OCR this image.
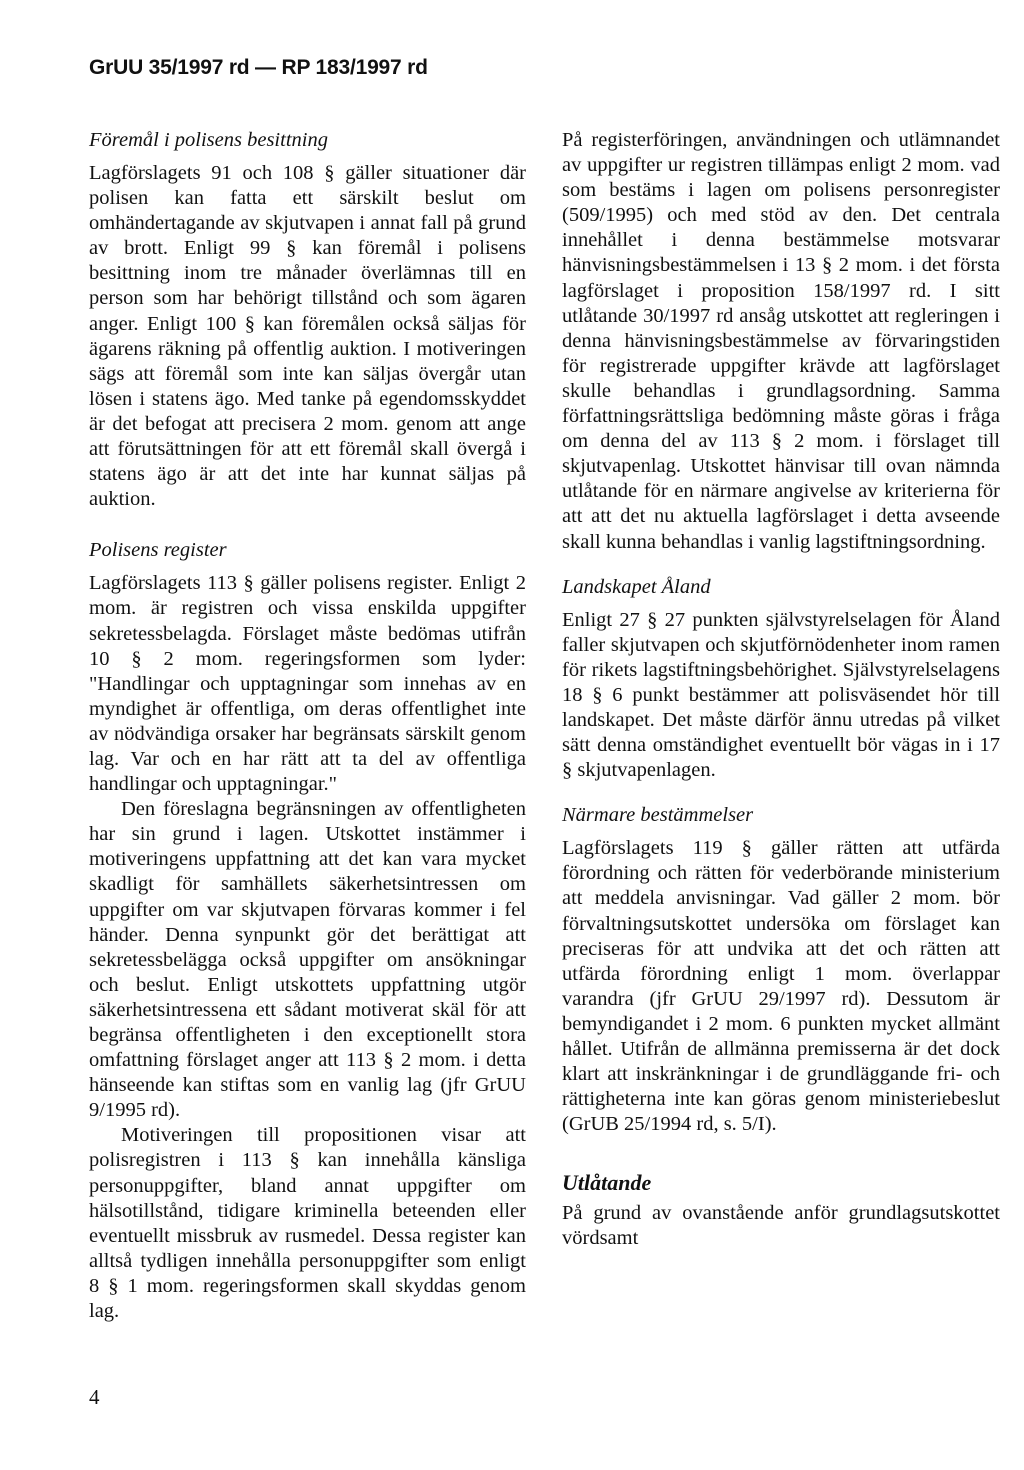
GrUU 35/1997 rd — RP 183/1997 rd
Föremål i polisens besittning

Lagförslagets 91 och 108 § gäller situationer där polisen kan fatta ett särskilt beslut om omhändertagande av skjutvapen i annat fall på grund av brott. Enligt 99 § kan föremål i polisens besittning inom tre månader överlämnas till en person som har behörigt tillstånd och som ägaren anger. Enligt 100 § kan föremålen också säljas för ägarens räkning på offentlig auktion. I motiveringen sägs att föremål som inte kan säljas övergår utan lösen i statens ägo. Med tanke på egendomsskyddet är det befogat att precisera 2 mom. genom att ange att förutsättningen för att ett föremål skall övergå i statens ägo är att det inte har kunnat säljas på auktion.

Polisens register

Lagförslagets 113 § gäller polisens register. Enligt 2 mom. är registren och vissa enskilda uppgifter sekretessbelagda. Förslaget måste bedömas utifrån 10 § 2 mom. regeringsformen som lyder: "Handlingar och upptagningar som innehas av en myndighet är offentliga, om deras offentlighet inte av nödvändiga orsaker har begränsats särskilt genom lag. Var och en har rätt att ta del av offentliga handlingar och upptagningar."

Den föreslagna begränsningen av offentligheten har sin grund i lagen. Utskottet instämmer i motiveringens uppfattning att det kan vara mycket skadligt för samhällets säkerhetsintressen om uppgifter om var skjutvapen förvaras kommer i fel händer. Denna synpunkt gör det berättigat att sekretessbelägga också uppgifter om ansökningar och beslut. Enligt utskottets uppfattning utgör säkerhetsintressena ett sådant motiverat skäl för att begränsa offentligheten i den exceptionellt stora omfattning förslaget anger att 113 § 2 mom. i detta hänseende kan stiftas som en vanlig lag (jfr GrUU 9/1995 rd).

Motiveringen till propositionen visar att polisregistren i 113 § kan innehålla känsliga personuppgifter, bland annat uppgifter om hälsotillstånd, tidigare kriminella beteenden eller eventuellt missbruk av rusmedel. Dessa register kan alltså tydligen innehålla personuppgifter som enligt 8 § 1 mom. regeringsformen skall skyddas genom lag.

På registerföringen, användningen och utlämnandet av uppgifter ur registren tillämpas enligt 2 mom. vad som bestäms i lagen om polisens personregister (509/1995) och med stöd av den. Det centrala innehållet i denna bestämmelse motsvarar hänvisningsbestämmelsen i 13 § 2 mom. i det första lagförslaget i proposition 158/1997 rd. I sitt utlåtande 30/1997 rd ansåg utskottet att regleringen i denna hänvisningsbestämmelse av förvaringstiden för registrerade uppgifter krävde att lagförslaget skulle behandlas i grundlagsordning. Samma författningsrättsliga bedömning måste göras i fråga om denna del av 113 § 2 mom. i förslaget till skjutvapenlag. Utskottet hänvisar till ovan nämnda utlåtande för en närmare angivelse av kriterierna för att att det nu aktuella lagförslaget i detta avseende skall kunna behandlas i vanlig lagstiftningsordning.

Landskapet Åland

Enligt 27 § 27 punkten självstyrelselagen för Åland faller skjutvapen och skjutförnödenheter inom ramen för rikets lagstiftningsbehörighet. Självstyrelselagens 18 § 6 punkt bestämmer att polisväsendet hör till landskapet. Det måste därför ännu utredas på vilket sätt denna omständighet eventuellt bör vägas in i 17 § skjutvapenlagen.

Närmare bestämmelser

Lagförslagets 119 § gäller rätten att utfärda förordning och rätten för vederbörande ministerium att meddela anvisningar. Vad gäller 2 mom. bör förvaltningsutskottet undersöka om förslaget kan preciseras för att undvika att det och rätten att utfärda förordning enligt 1 mom. överlappar varandra (jfr GrUU 29/1997 rd). Dessutom är bemyndigandet i 2 mom. 6 punkten mycket allmänt hållet. Utifrån de allmänna premisserna är det dock klart att inskränkningar i de grundläggande fri- och rättigheterna inte kan göras genom ministeriebeslut (GrUB 25/1994 rd, s. 5/I).

Utlåtande

På grund av ovanstående anför grundlagsutskottet vördsamt

4
